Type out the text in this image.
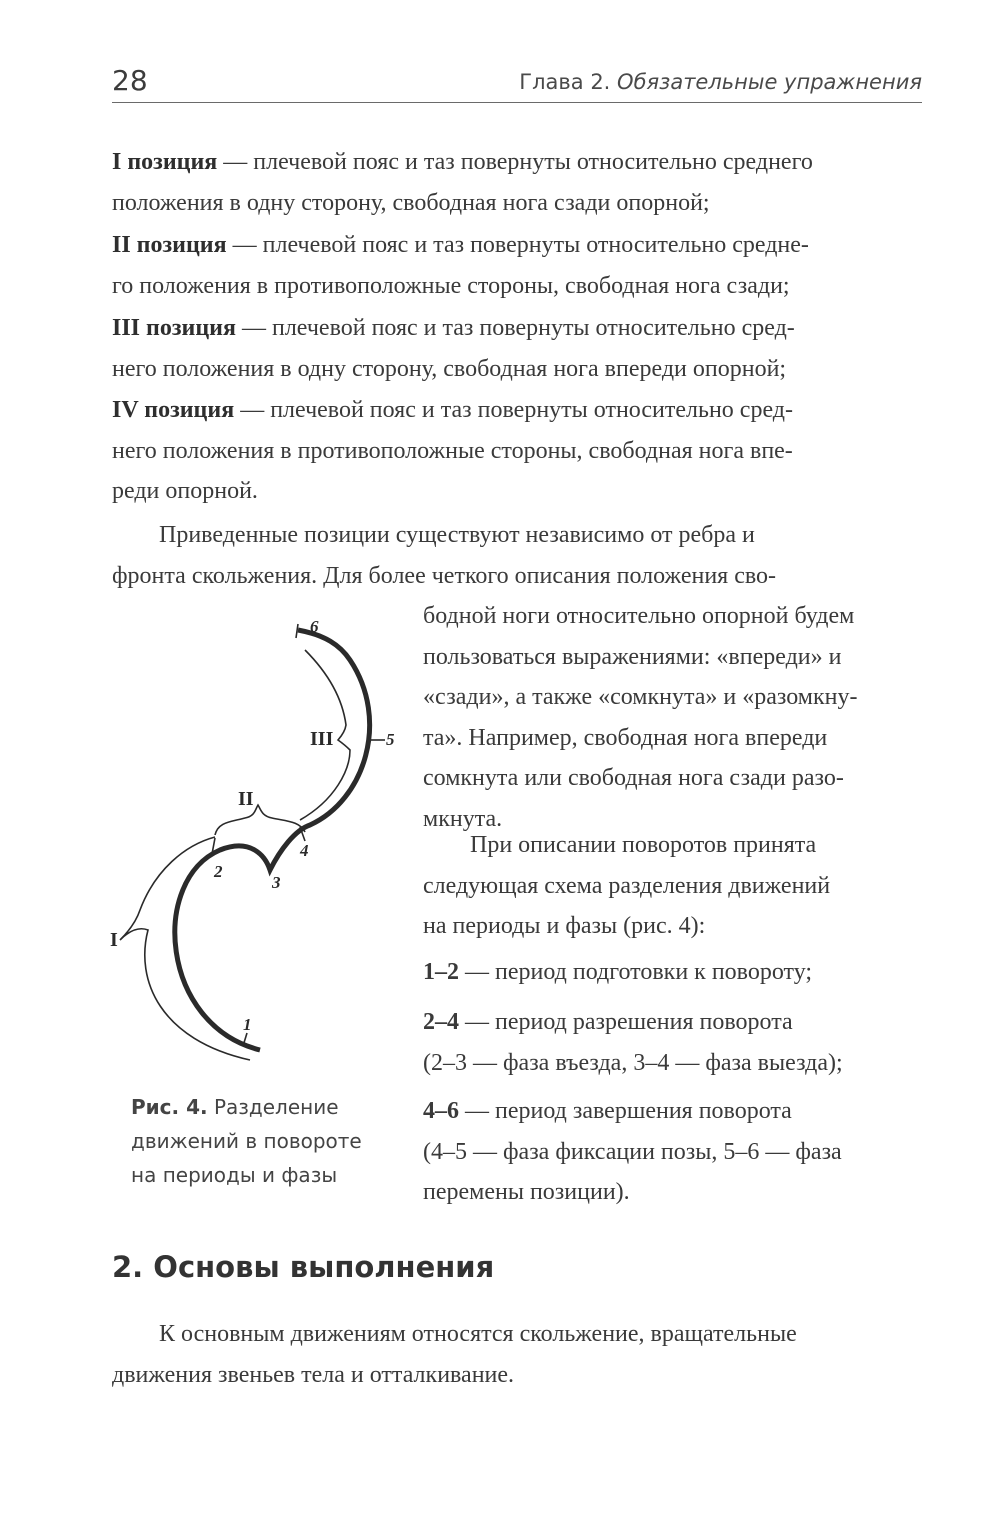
28	Глава 2. Обязательные упражнения

I позиция — плечевой пояс и таз повернуты относительно среднего
положения в одну сторону, свободная нога сзади опорной;

II позиция — плечевой пояс и таз повернуты относительно средне-
го положения в противоположные стороны, свободная нога сзади;

III позиция — плечевой пояс и таз повернуты относительно сред-
него положения в одну сторону, свободная нога впереди опорной;

IV позиция — плечевой пояс и таз повернуты относительно сред-
него положения в противоположные стороны, свободная нога впе-
реди опорной.

Приведенные позиции существуют независимо от ребра и
фронта скольжения. Для более четкого описания положения сво-

бодной ноги относительно опорной будем
пользоваться выражениями: «впереди» и
«сзади», а также «сомкнута» и «разомкну-
та». Например, свободная нога впереди
сомкнута или свободная нога сзади разо-
мкнута.

При описании поворотов принята
следующая схема разделения движений
на периоды и фазы (рис. 4):

1–2 — период подготовки к повороту;

2–4 — период разрешения поворота
(2–3 — фаза въезда, 3–4 — фаза выезда);

4–6 — период завершения поворота
(4–5 — фаза фиксации позы, 5–6 — фаза
перемены позиции).

1
2
3
4
5
6
I
II
III
Рис. 4. Разделение движений в повороте на периоды и фазы
2. Основы выполнения

К основным движениям относятся скольжение, вращательные
движения звеньев тела и отталкивание.
